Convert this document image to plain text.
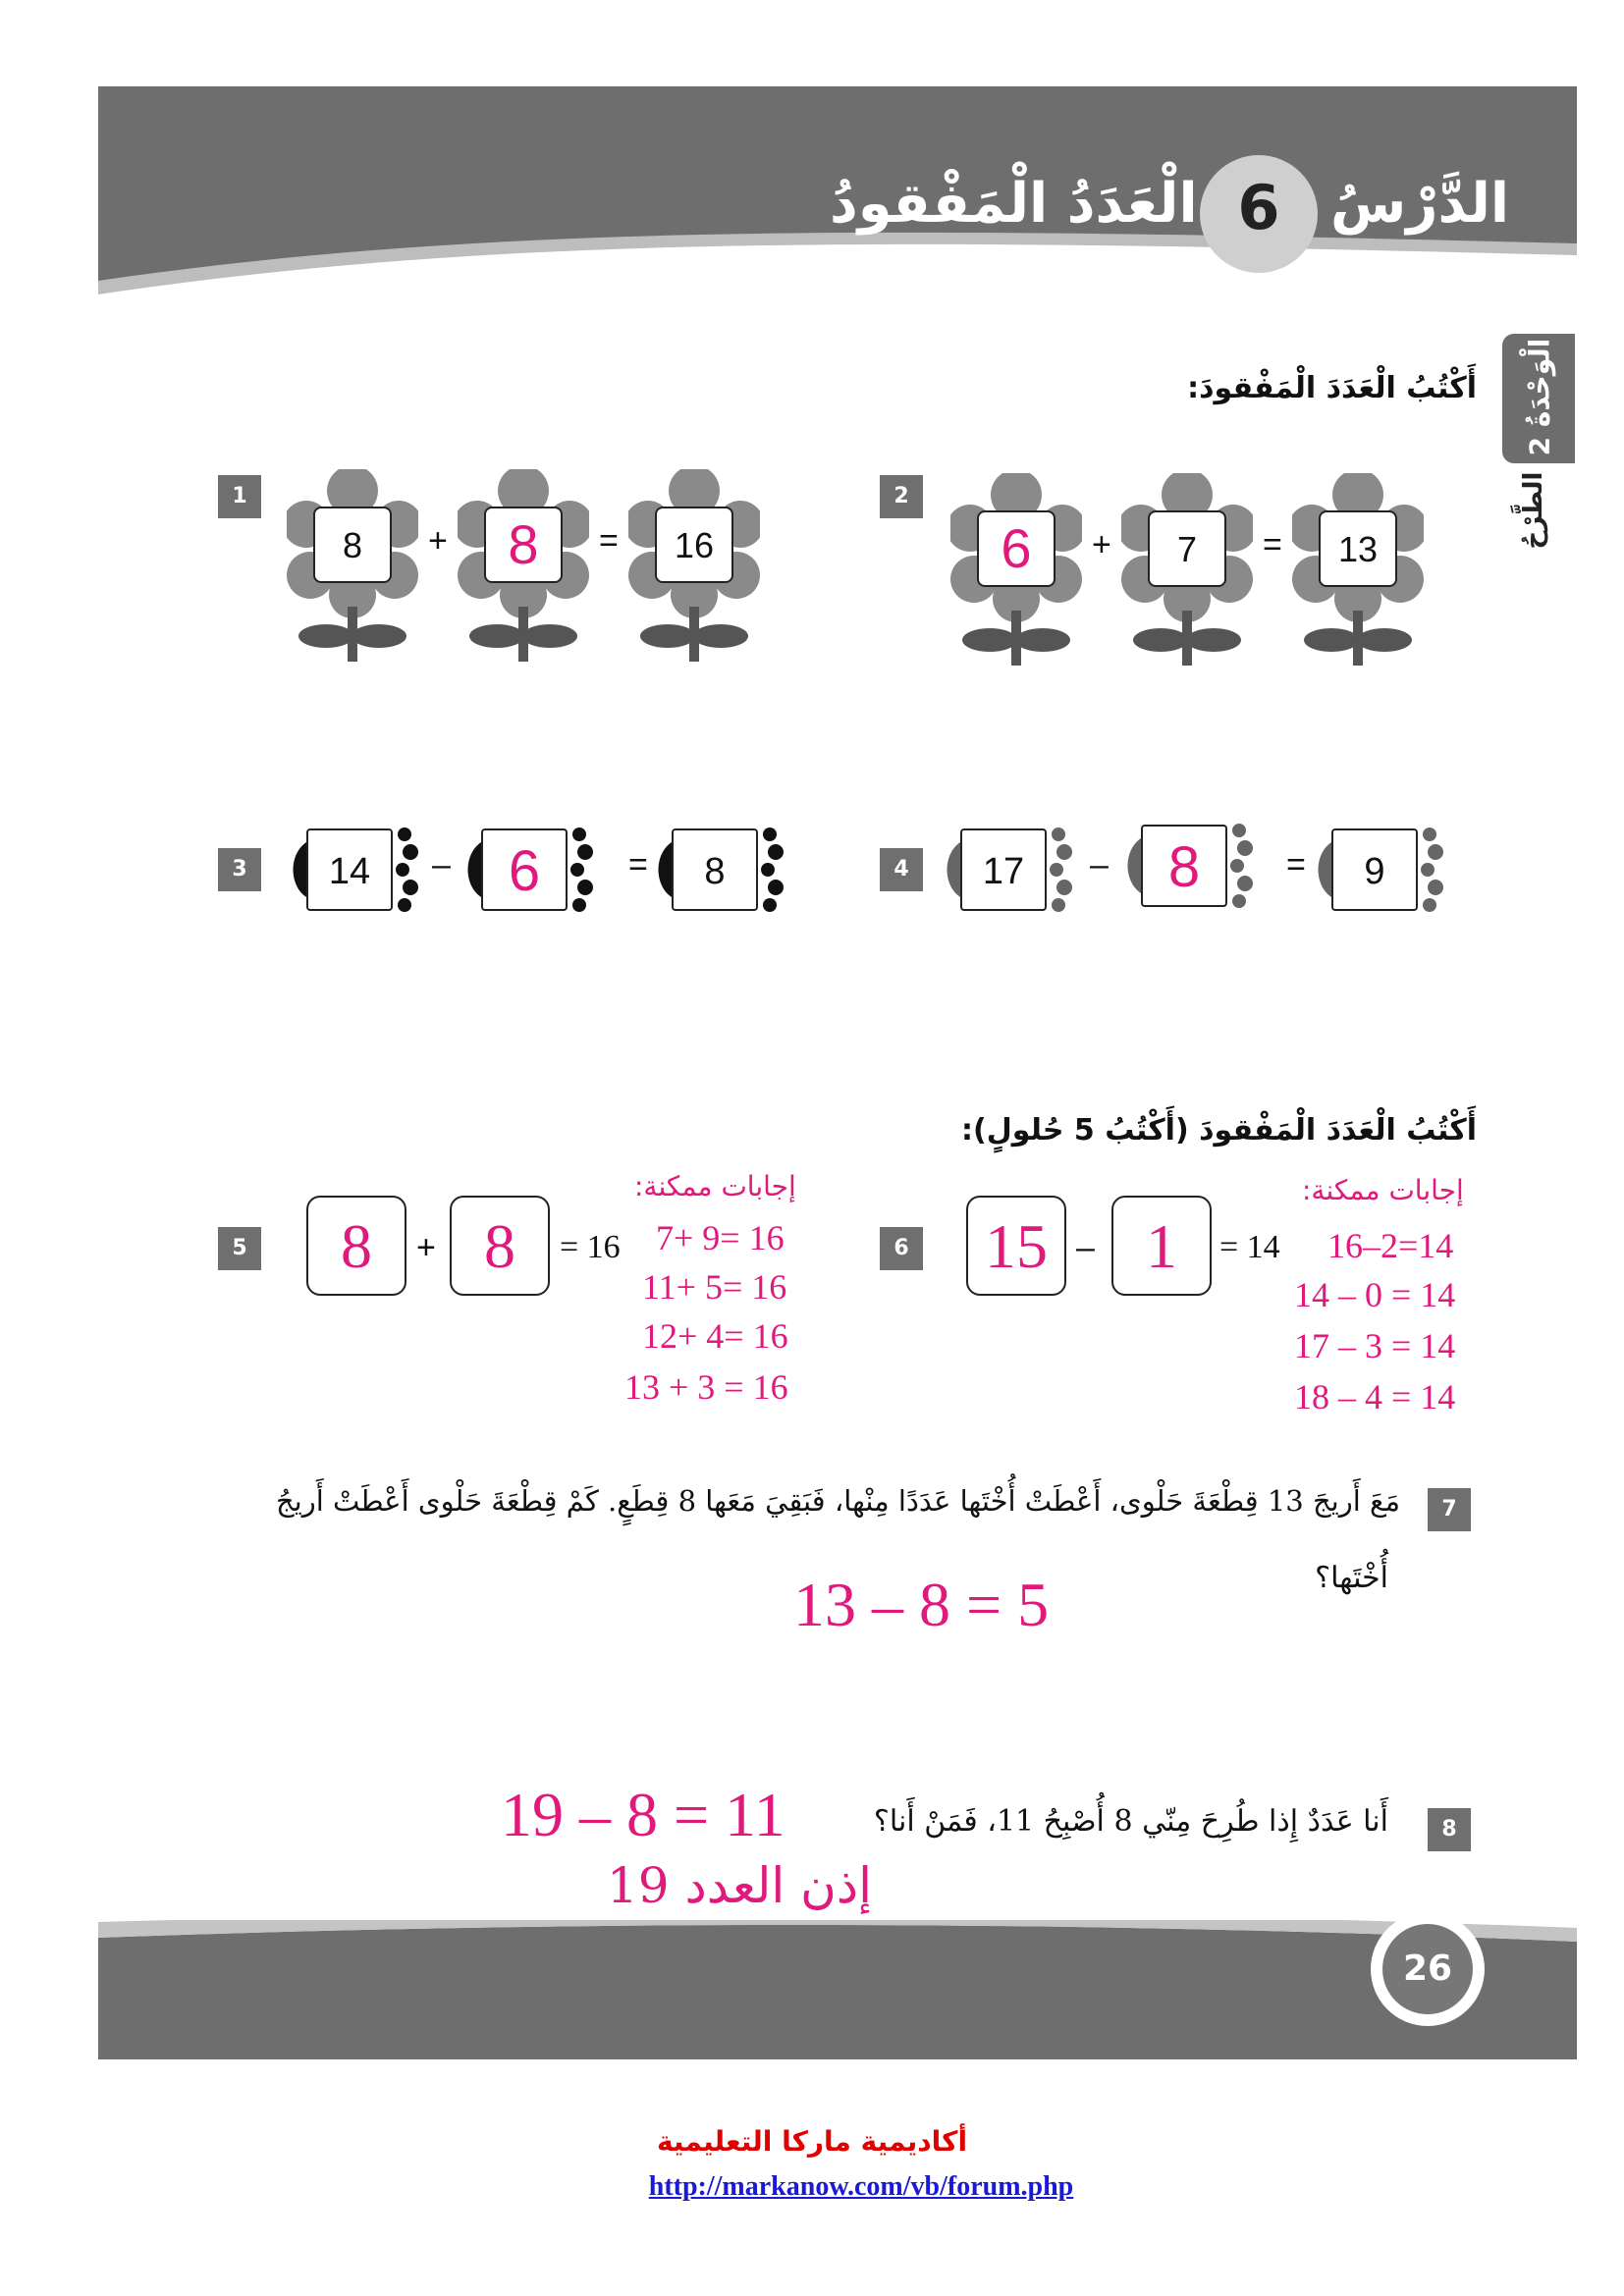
6 الدَّرْسُ
الْعَدَدُ الْمَفْقودُ
الْوَحْدَةُ 2
الطَّرْحُ
أَكْتُبُ الْعَدَدَ الْمَفْقودَ:
1
8	+	8	=	16
2
6	+	7	=	13
3	14	–	6	=	8	4	17	–	8	=	9
أَكْتُبُ الْعَدَدَ الْمَفْقودَ (أَكْتُبُ 5 حُلولٍ):
5	8	+ 8	= 16
إجابات ممكنة:
7+ 9= 16
11+ 5= 16
12+ 4= 16
13 + 3 = 16
6 15 – 1	= 14
إجابات ممكنة:
16–2=14
14 – 0 = 14
17 – 3 = 14
18 – 4 = 14
7
مَعَ أَريجَ 13 قِطْعَةَ حَلْوى، أَعْطَتْ أُخْتَها عَدَدًا مِنْها، فَبَقِيَ مَعَها 8 قِطَعٍ. كَمْ قِطْعَةَ حَلْوى أَعْطَتْ أَريجُ
أُخْتَها؟
13 – 8 = 5
8
أَنا عَدَدٌ إِذا طُرِحَ مِنّي 8 أُصْبِحُ 11، فَمَنْ أَنا؟
19 – 8 = 11
إذن العدد 19
26
أكاديمية ماركا التعليمية
http://markanow.com/vb/forum.php
